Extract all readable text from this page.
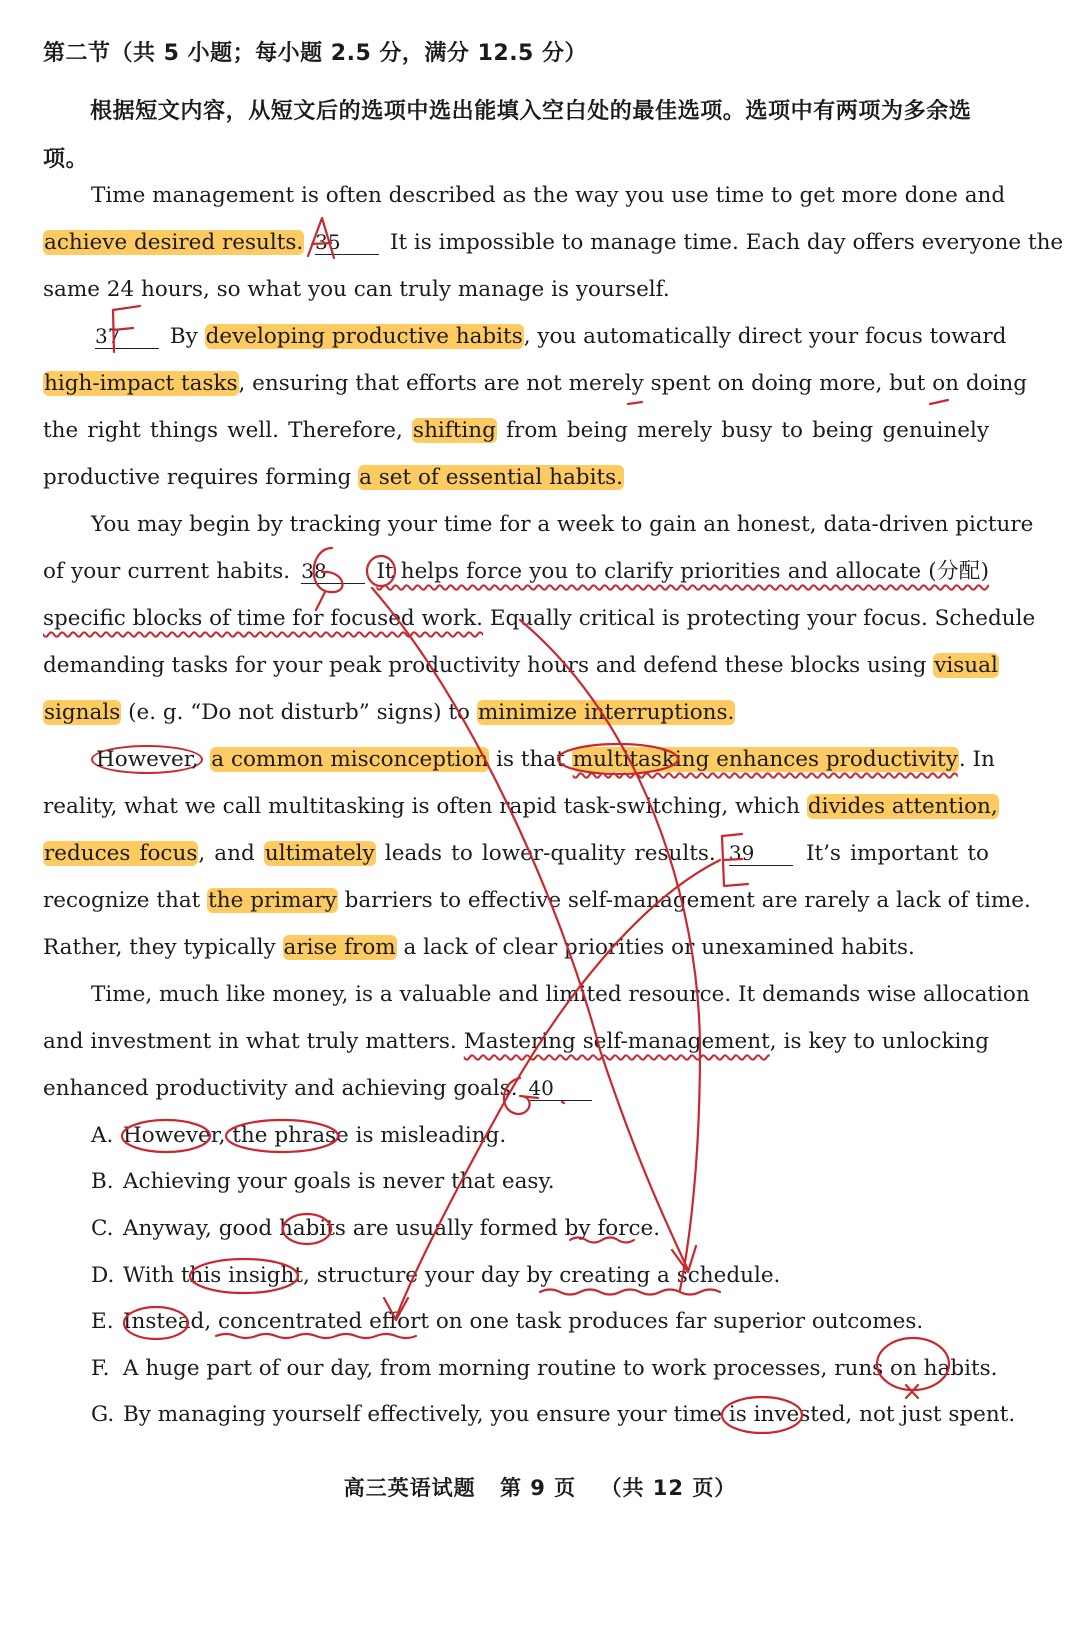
第二节（共 5 小题；每小题 2.5 分，满分 12.5 分）
根据短文内容，从短文后的选项中选出能填入空白处的最佳选项。选项中有两项为多余选项。
Time management is often described as the way you use time to get more done and
achieve desired results. 35 It is impossible to manage time. Each day offers everyone the
same 24 hours, so what you can truly manage is yourself.
37 By developing productive habits, you automatically direct your focus toward
high-impact tasks, ensuring that efforts are not merely spent on doing more, but on doing
the right things well. Therefore, shifting from being merely busy to being genuinely
productive requires forming a set of essential habits.
You may begin by tracking your time for a week to gain an honest, data-driven picture
of your current habits. 38 It helps force you to clarify priorities and allocate (分配)
specific blocks of time for focused work. Equally critical is protecting your focus. Schedule
demanding tasks for your peak productivity hours and defend these blocks using visual
signals (e. g. “Do not disturb” signs) to minimize interruptions.
However, a common misconception is that multitasking enhances productivity. In
reality, what we call multitasking is often rapid task-switching, which divides attention,
reduces focus, and ultimately leads to lower-quality results. 39 It’s important to
recognize that the primary barriers to effective self-management are rarely a lack of time.
Rather, they typically arise from a lack of clear priorities or unexamined habits.
Time, much like money, is a valuable and limited resource. It demands wise allocation
and investment in what truly matters. Mastering self-management, is key to unlocking
enhanced productivity and achieving goals. 40
A. However, the phrase is misleading.
B. Achieving your goals is never that easy.
C. Anyway, good habits are usually formed by force.
D. With this insight, structure your day by creating a schedule.
E. Instead, concentrated effort on one task produces far superior outcomes.
F. A huge part of our day, from morning routine to work processes, runs on habits.
G. By managing yourself effectively, you ensure your time is invested, not just spent.
高三英语试题 第 9 页 （共 12 页）
